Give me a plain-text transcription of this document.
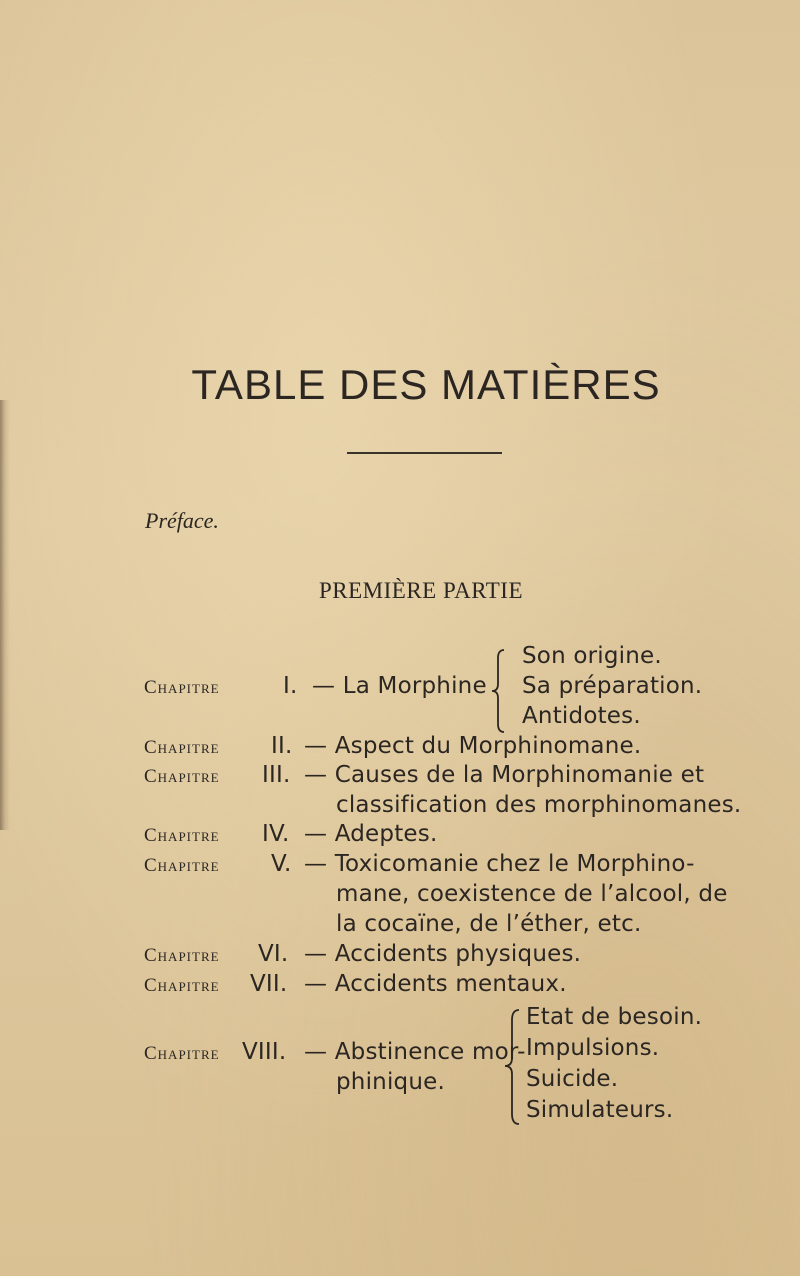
TABLE DES MATIÈRES
Préface.
PREMIÈRE PARTIE
Chapitre	I. — La Morphine
Son origine.
Sa préparation.
Antidotes.
Chapitre II. — Aspect du Morphinomane.
Chapitre III. — Causes de la Morphinomanie et
classification des morphinomanes.
Chapitre IV. — Adeptes.
Chapitre V. — Toxicomanie chez le Morphino-
mane, coexistence de l’alcool, de
la cocaïne, de l’éther, etc.
Chapitre VI. — Accidents physiques.
Chapitre VII. — Accidents mentaux.
Chapitre VIII. — Abstinence mor-
phinique.
Etat de besoin.
Impulsions.
Suicide.
Simulateurs.
